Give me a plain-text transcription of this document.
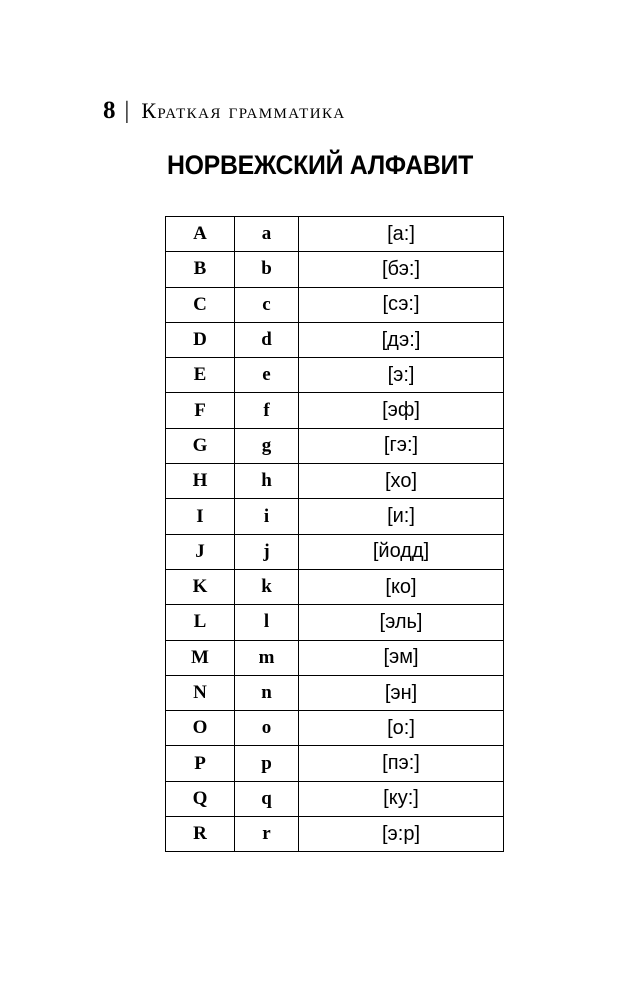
8 | Краткая грамматика
НОРВЕЖСКИЙ АЛФАВИТ
A	a	[а:]
B	b	[бэ:]
C	c	[сэ:]
D	d	[дэ:]
E	e	[э:]
F	f	[эф]
G	g	[гэ:]
H	h	[хо]
I	i	[и:]
J	j	[йодд]
K	k	[ко]
L	l	[эль]
M	m	[эм]
N	n	[эн]
O	o	[о:]
P	p	[пэ:]
Q	q	[ку:]
R	r	[э:р]
